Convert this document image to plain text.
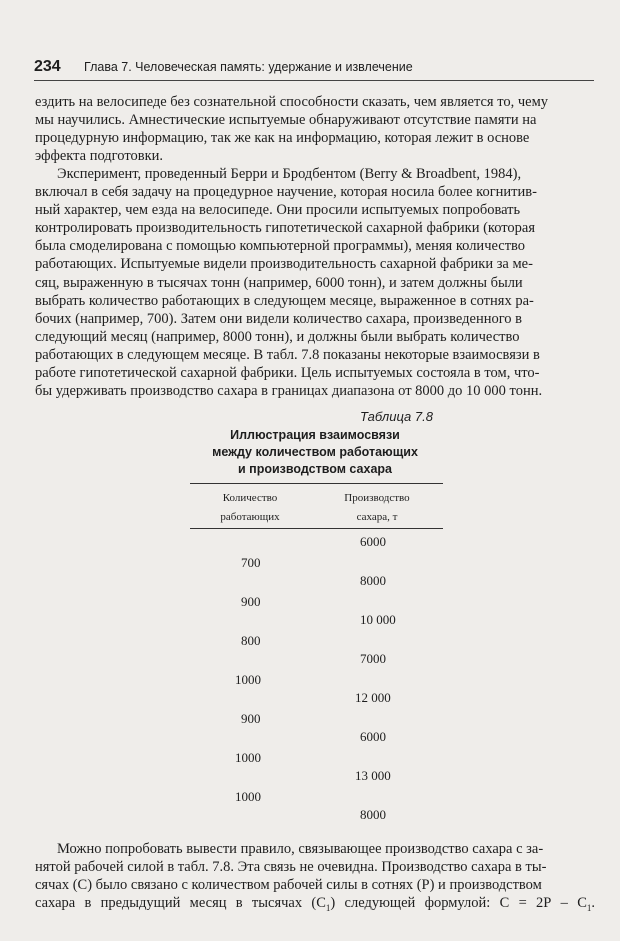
234 Глава 7. Человеческая память: удержание и извлечение
ездить на велосипеде без сознательной способности сказать, чем является то, чему
мы научились. Амнестические испытуемые обнаруживают отсутствие памяти на
процедурную информацию, так же как на информацию, которая лежит в основе
эффекта подготовки.
Эксперимент, проведенный Берри и Бродбентом (Berry & Broadbent, 1984),
включал в себя задачу на процедурное научение, которая носила более когнитив-
ный характер, чем езда на велосипеде. Они просили испытуемых попробовать
контролировать производительность гипотетической сахарной фабрики (которая
была смоделирована с помощью компьютерной программы), меняя количество
работающих. Испытуемые видели производительность сахарной фабрики за ме-
сяц, выраженную в тысячах тонн (например, 6000 тонн), и затем должны были
выбрать количество работающих в следующем месяце, выраженное в сотнях ра-
бочих (например, 700). Затем они видели количество сахара, произведенного в
следующий месяц (например, 8000 тонн), и должны были выбрать количество
работающих в следующем месяце. В табл. 7.8 показаны некоторые взаимосвязи в
работе гипотетической сахарной фабрики. Цель испытуемых состояла в том, что-
бы удерживать производство сахара в границах диапазона от 8000 до 10 000 тонн.
Таблица 7.8
Иллюстрация взаимосвязи
между количеством работающих
и производством сахара
Количество
работающих
Производство
сахара, т
6000
700
8000
900
10 000
800
7000
1000
12 000
900
6000
1000
13 000
1000
8000
Можно попробовать вывести правило, связывающее производство сахара с за-
нятой рабочей силой в табл. 7.8. Эта связь не очевидна. Производство сахара в ты-
сячах (С) было связано с количеством рабочей силы в сотнях (Р) и производством
сахара в предыдущий месяц в тысячах $(С_1)$ следующей формулой: $С = 2Р - С_1$.
